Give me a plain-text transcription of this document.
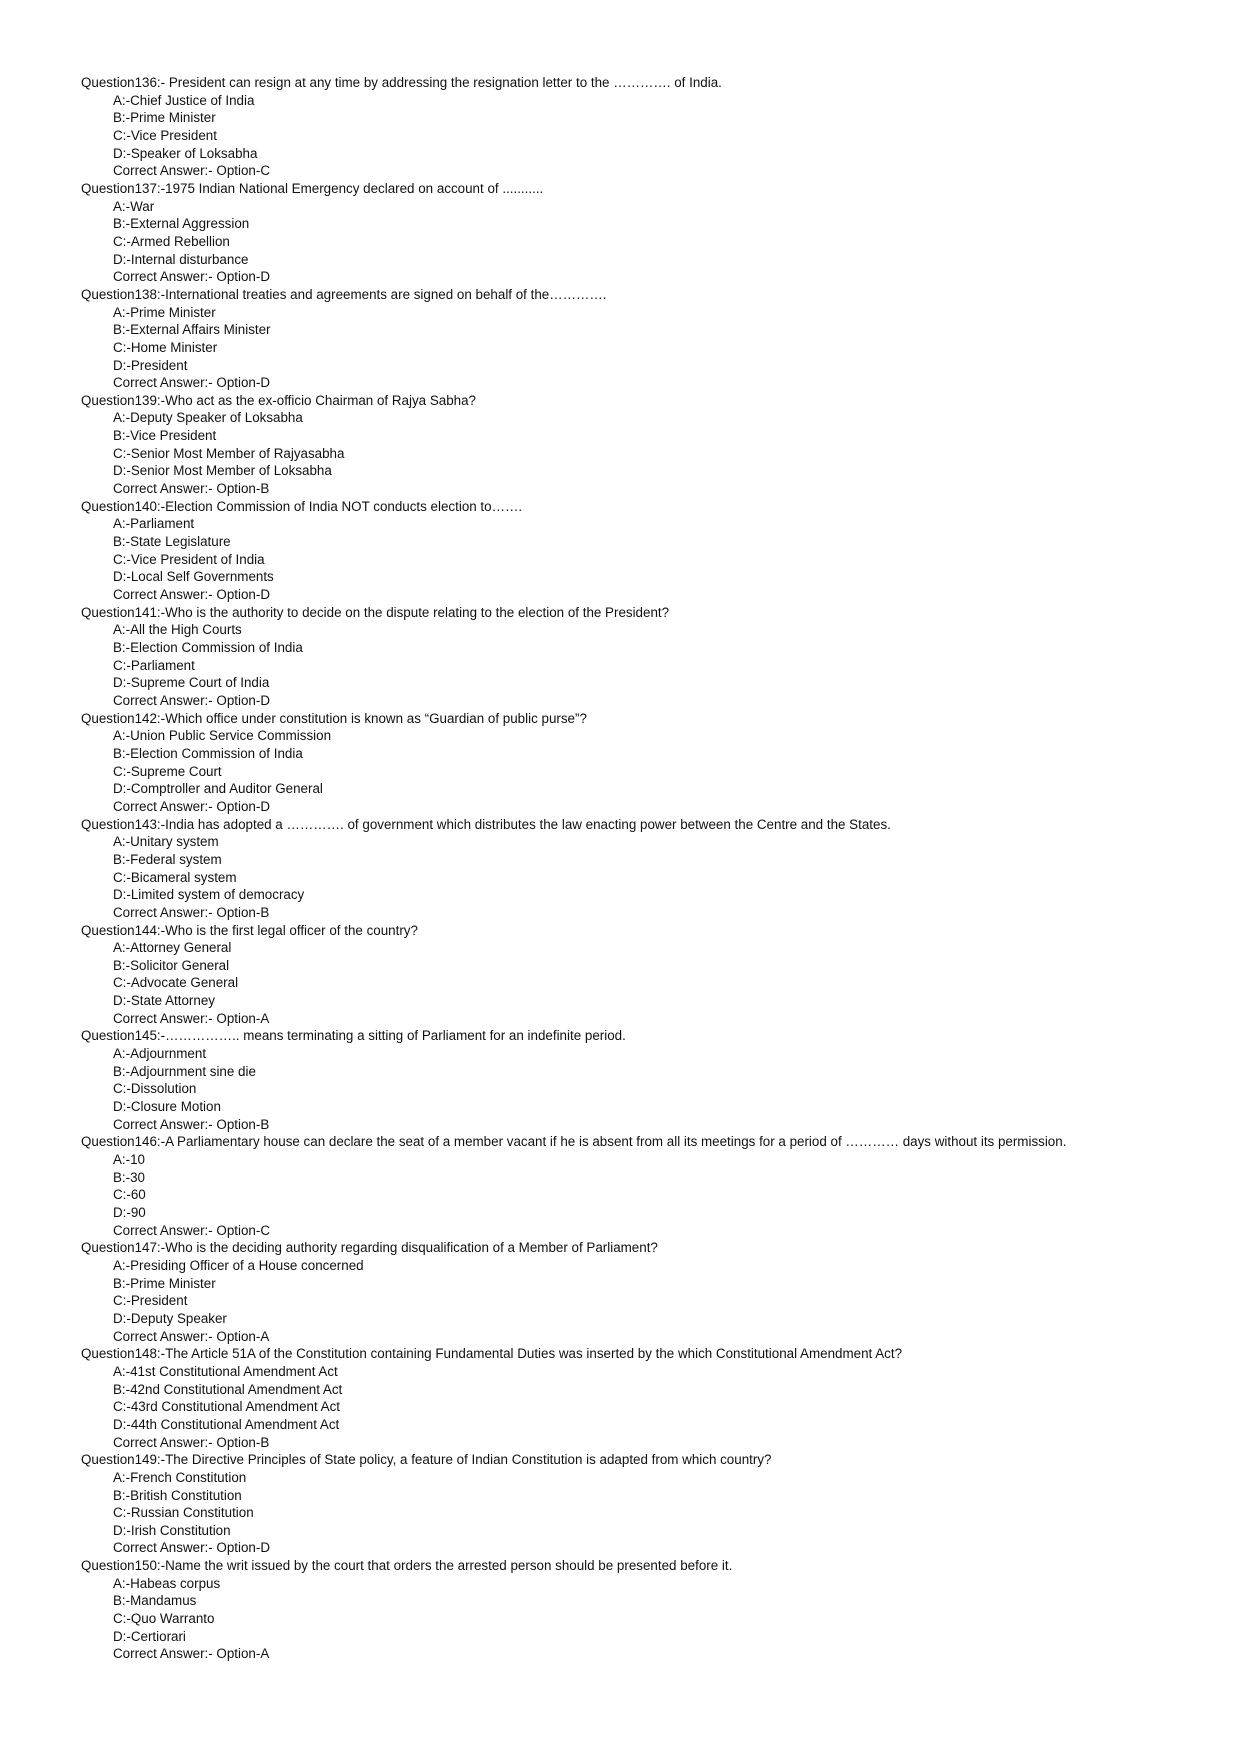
Question136:- President can resign at any time by addressing the resignation letter to the …………. of India.
A:-Chief Justice of India
B:-Prime Minister
C:-Vice President
D:-Speaker of Loksabha
Correct Answer:- Option-C
Question137:-1975 Indian National Emergency declared on account of ...........
A:-War
B:-External Aggression
C:-Armed Rebellion
D:-Internal disturbance
Correct Answer:- Option-D
Question138:-International treaties and agreements are signed on behalf of the………….
A:-Prime Minister
B:-External Affairs Minister
C:-Home Minister
D:-President
Correct Answer:- Option-D
Question139:-Who act as the ex-officio Chairman of Rajya Sabha?
A:-Deputy Speaker of Loksabha
B:-Vice President
C:-Senior Most Member of Rajyasabha
D:-Senior Most Member of Loksabha
Correct Answer:- Option-B
Question140:-Election Commission of India NOT conducts election to…….
A:-Parliament
B:-State Legislature
C:-Vice President of India
D:-Local Self Governments
Correct Answer:- Option-D
Question141:-Who is the authority to decide on the dispute relating to the election of the President?
A:-All the High Courts
B:-Election Commission of India
C:-Parliament
D:-Supreme Court of India
Correct Answer:- Option-D
Question142:-Which office under constitution is known as “Guardian of public purse”?
A:-Union Public Service Commission
B:-Election Commission of India
C:-Supreme Court
D:-Comptroller and Auditor General
Correct Answer:- Option-D
Question143:-India has adopted a …………. of government which distributes the law enacting power between the Centre and the States.
A:-Unitary system
B:-Federal system
C:-Bicameral system
D:-Limited system of democracy
Correct Answer:- Option-B
Question144:-Who is the first legal officer of the country?
A:-Attorney General
B:-Solicitor General
C:-Advocate General
D:-State Attorney
Correct Answer:- Option-A
Question145:-…………….. means terminating a sitting of Parliament for an indefinite period.
A:-Adjournment
B:-Adjournment sine die
C:-Dissolution
D:-Closure Motion
Correct Answer:- Option-B
Question146:-A Parliamentary house can declare the seat of a member vacant if he is absent from all its meetings for a period of ………… days without its permission.
A:-10
B:-30
C:-60
D:-90
Correct Answer:- Option-C
Question147:-Who is the deciding authority regarding disqualification of a Member of Parliament?
A:-Presiding Officer of a House concerned
B:-Prime Minister
C:-President
D:-Deputy Speaker
Correct Answer:- Option-A
Question148:-The Article 51A of the Constitution containing Fundamental Duties was inserted by the which Constitutional Amendment Act?
A:-41st Constitutional Amendment Act
B:-42nd Constitutional Amendment Act
C:-43rd Constitutional Amendment Act
D:-44th Constitutional Amendment Act
Correct Answer:- Option-B
Question149:-The Directive Principles of State policy, a feature of Indian Constitution is adapted from which country?
A:-French Constitution
B:-British Constitution
C:-Russian Constitution
D:-Irish Constitution
Correct Answer:- Option-D
Question150:-Name the writ issued by the court that orders the arrested person should be presented before it.
A:-Habeas corpus
B:-Mandamus
C:-Quo Warranto
D:-Certiorari
Correct Answer:- Option-A
